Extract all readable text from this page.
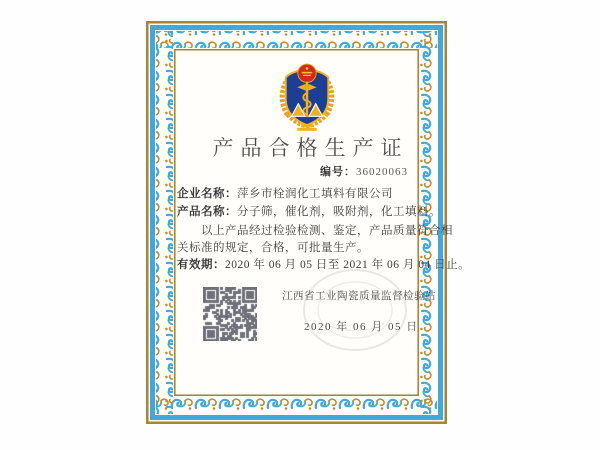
产品合格生产证
编号：36020063
企业名称：萍乡市栓润化工填料有限公司
产品名称：分子筛，催化剂，吸附剂，化工填料。
以上产品经过检验检测、鉴定，产品质量符合相
关标准的规定，合格，可批量生产。
有效期：2020 年 06 月 05 日至 2021 年 06 月 04 日止。
江西省工业陶瓷质量监督检验站
2020 年 06 月 05 日
